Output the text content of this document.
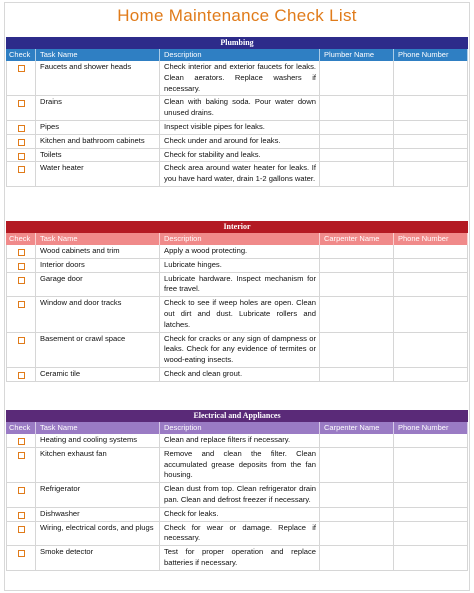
Home Maintenance Check List
Plumbing
Check	Task Name	Description	Plumber Name	Phone Number
Faucets and shower heads	Check interior and exterior faucets for leaks. Clean aerators. Replace washers if necessary.
Drains	Clean with baking soda. Pour water down unused drains.
Pipes	Inspect visible pipes for leaks.
Kitchen and bathroom cabinets	Check under and around for leaks.
Toilets	Check for stability and leaks.
Water heater	Check area around water heater for leaks. If you have hard water, drain 1-2 gallons water.
Interior
Check	Task Name	Description	Carpenter Name	Phone Number
Wood cabinets and trim	Apply a wood protecting.
Interior doors	Lubricate hinges.
Garage door	Lubricate hardware. Inspect mechanism for free travel.
Window and door tracks	Check to see if weep holes are open. Clean out dirt and dust. Lubricate rollers and latches.
Basement or crawl space	Check for cracks or any sign of dampness or leaks. Check for any evidence of termites or wood-eating insects.
Ceramic tile	Check and clean grout.
Electrical and Appliances
Check	Task Name	Description	Carpenter Name	Phone Number
Heating and cooling systems	Clean and replace filters if necessary.
Kitchen exhaust fan	Remove and clean the filter. Clean accumulated grease deposits from the fan housing.
Refrigerator	Clean dust from top. Clean refrigerator drain pan. Clean and defrost freezer if necessary.
Dishwasher	Check for leaks.
Wiring, electrical cords, and plugs	Check for wear or damage. Replace if necessary.
Smoke detector	Test for proper operation and replace batteries if necessary.
